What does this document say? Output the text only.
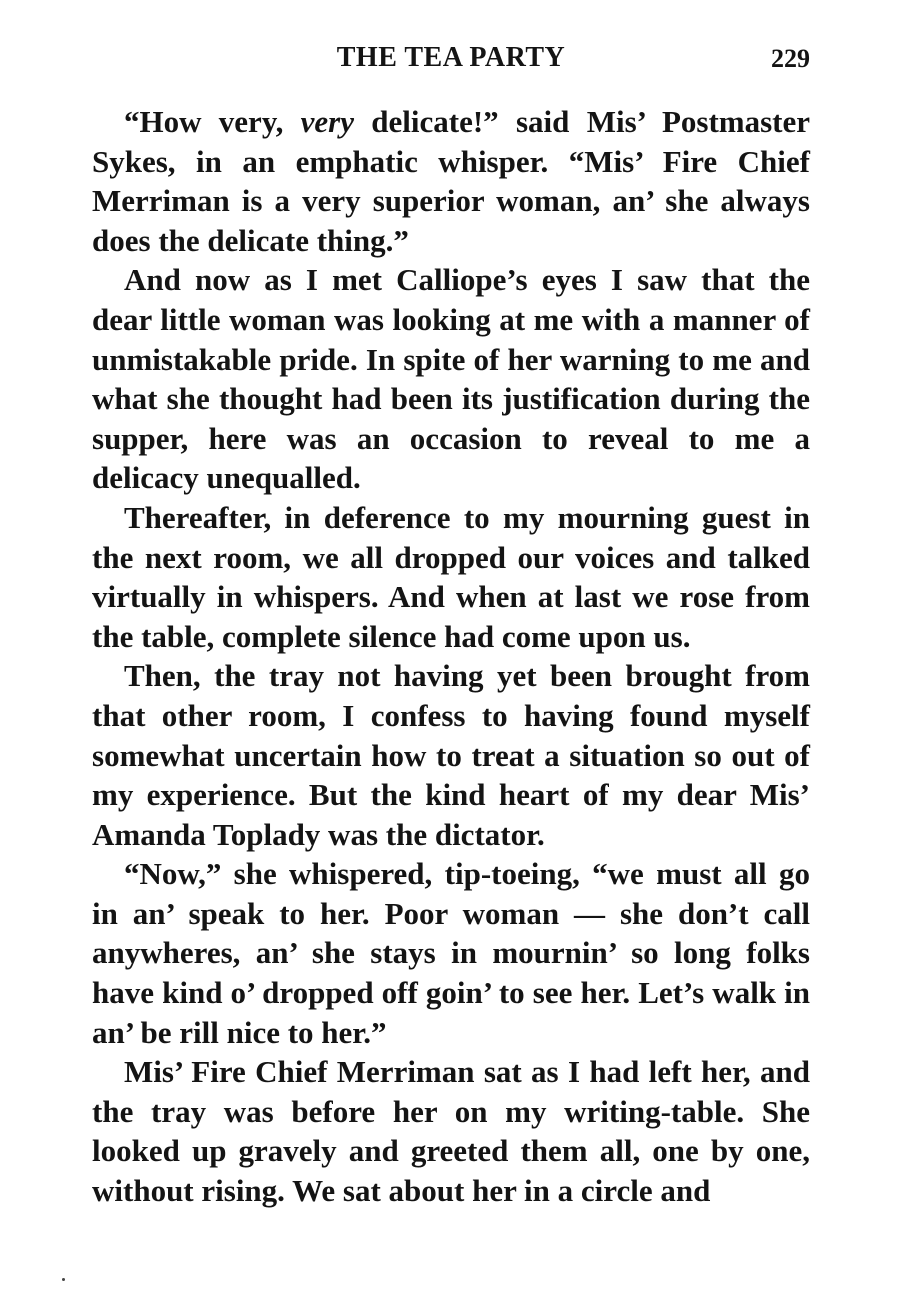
THE TEA PARTY	229

“How very, very delicate!” said Mis’ Postmaster Sykes, in an emphatic whisper. “Mis’ Fire Chief Merriman is a very superior woman, an’ she always does the delicate thing.”

And now as I met Calliope’s eyes I saw that the dear little woman was looking at me with a manner of unmistakable pride. In spite of her warning to me and what she thought had been its justification during the supper, here was an occasion to reveal to me a delicacy unequalled.

Thereafter, in deference to my mourning guest in the next room, we all dropped our voices and talked virtually in whispers. And when at last we rose from the table, complete silence had come upon us.

Then, the tray not having yet been brought from that other room, I confess to having found myself somewhat uncertain how to treat a situation so out of my experience. But the kind heart of my dear Mis’ Amanda Toplady was the dictator.

“Now,” she whispered, tip-toeing, “we must all go in an’ speak to her. Poor woman — she don’t call anywheres, an’ she stays in mournin’ so long folks have kind o’ dropped off goin’ to see her. Let’s walk in an’ be rill nice to her.”

Mis’ Fire Chief Merriman sat as I had left her, and the tray was before her on my writing-table. She looked up gravely and greeted them all, one by one, without rising. We sat about her in a circle and
